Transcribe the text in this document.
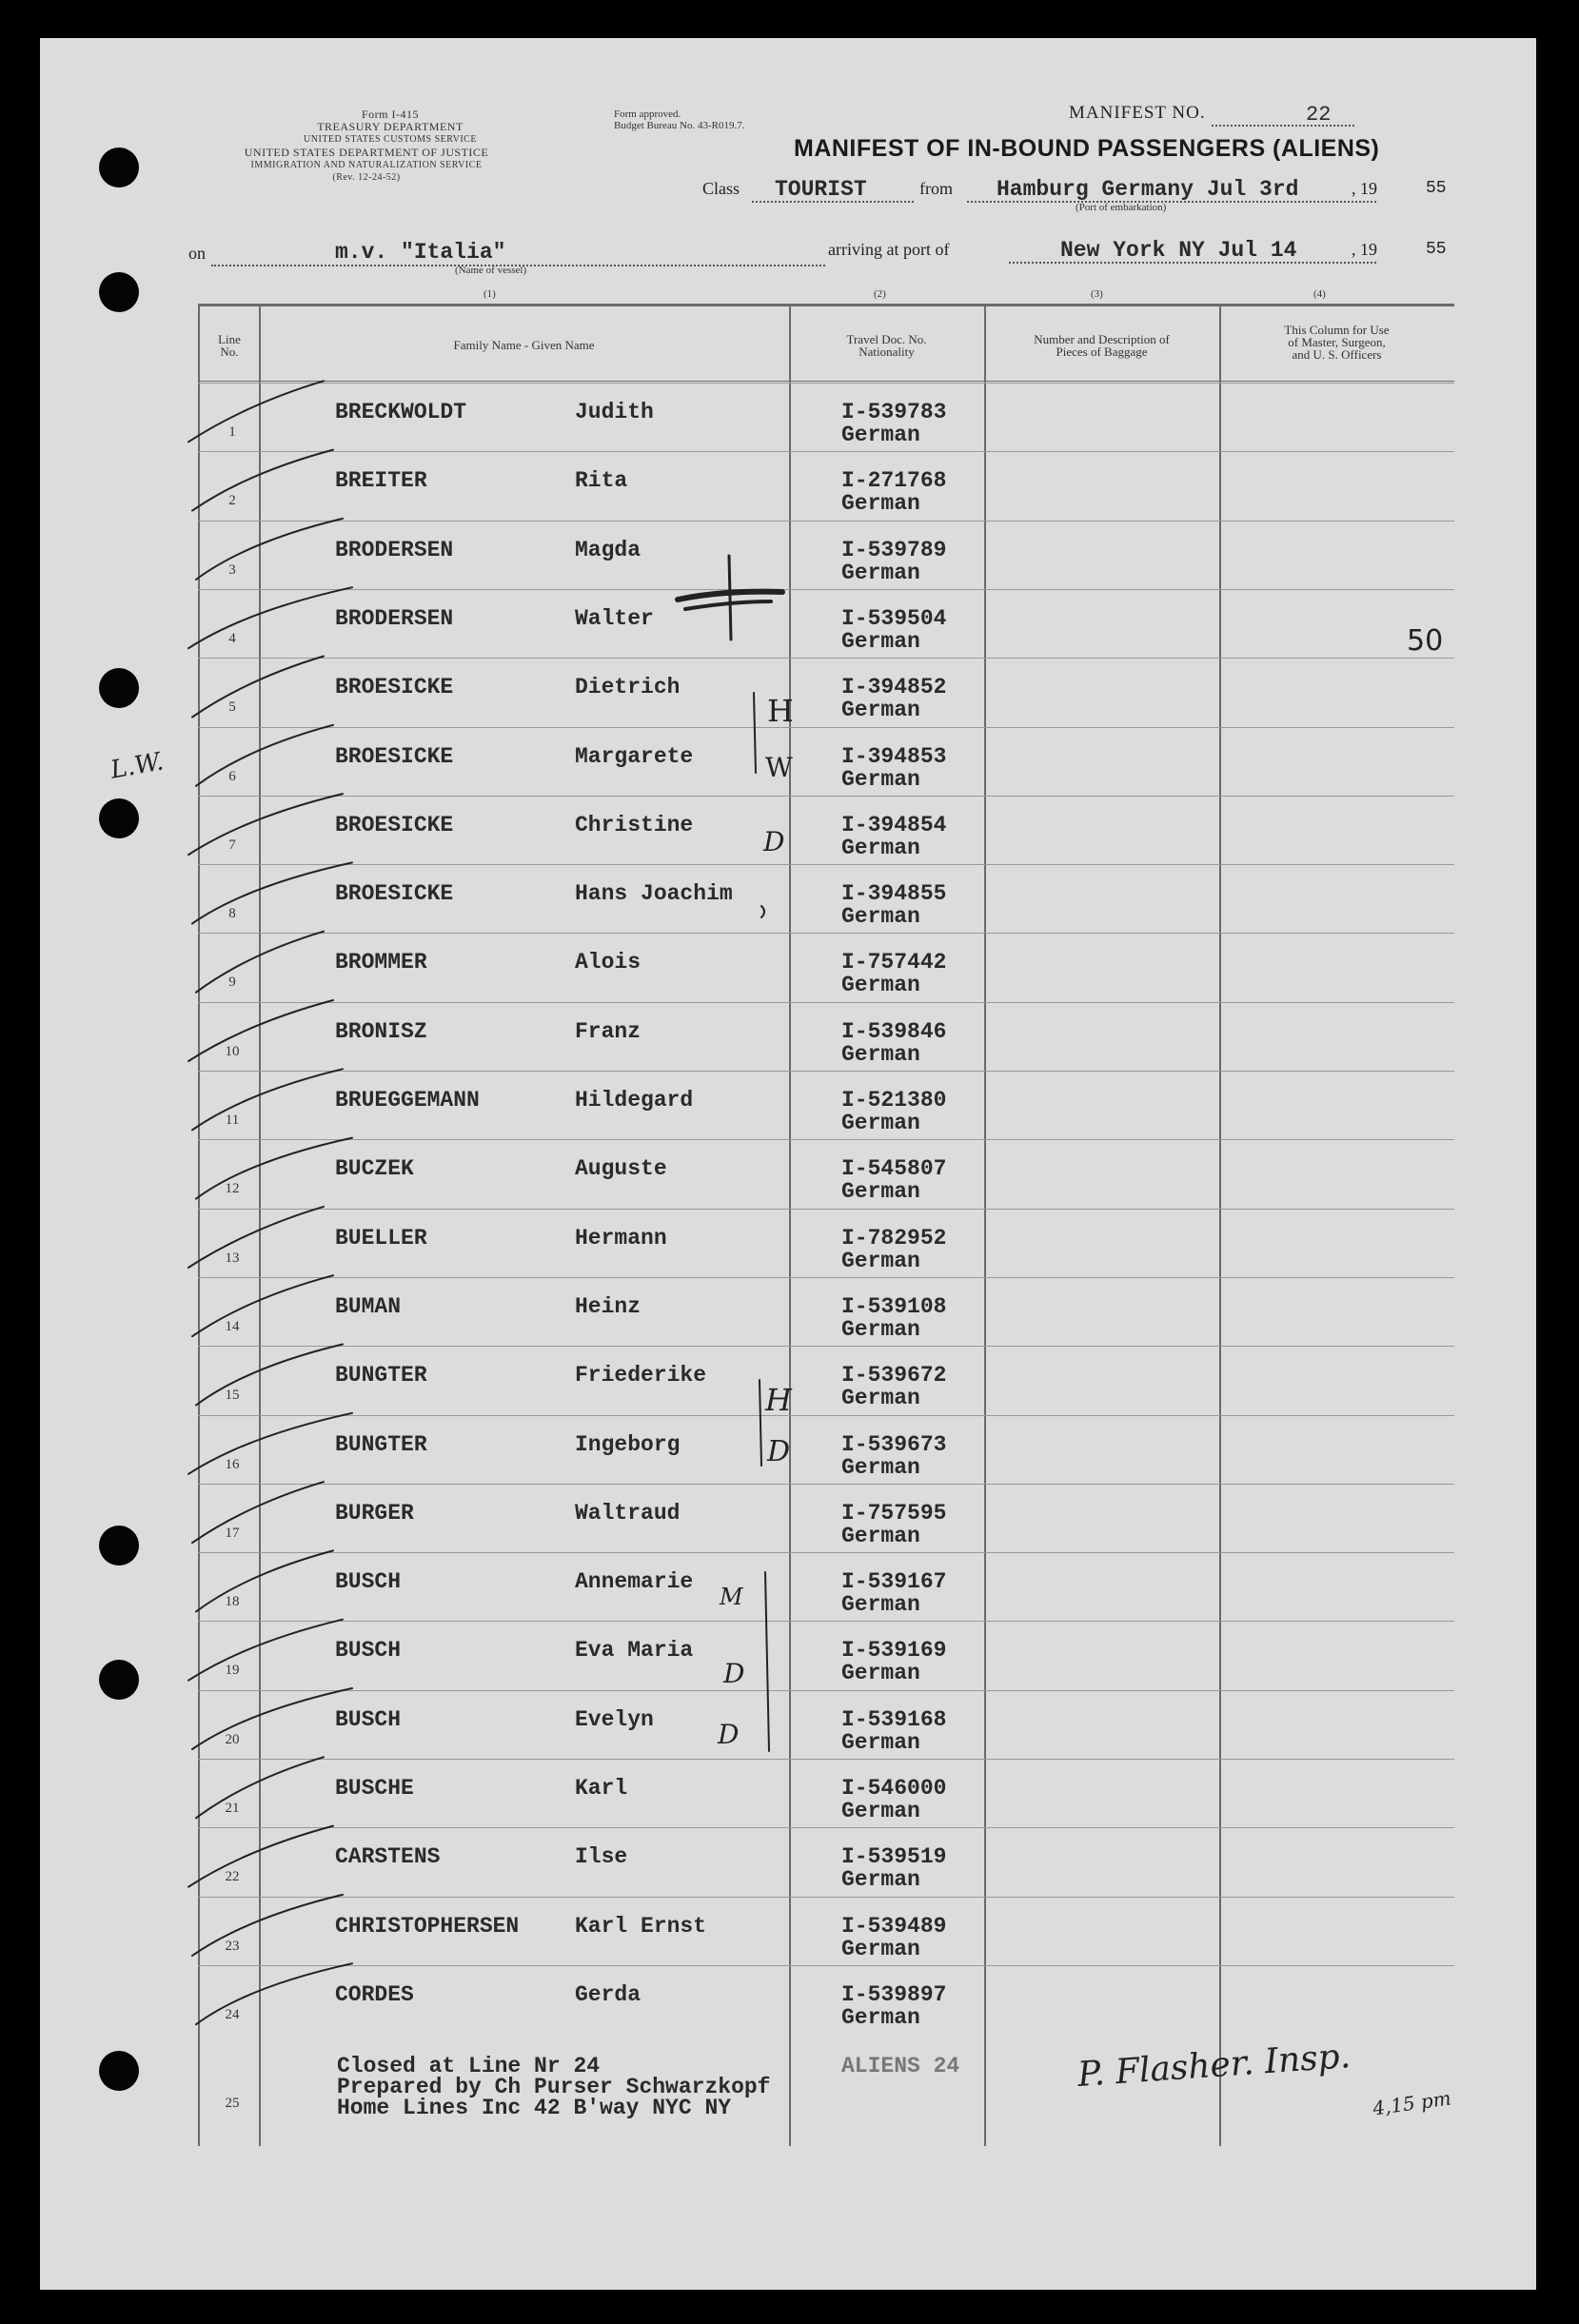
Form I-415
TREASURY DEPARTMENT
UNITED STATES CUSTOMS SERVICE
UNITED STATES DEPARTMENT OF JUSTICE
IMMIGRATION AND NATURALIZATION SERVICE
(Rev. 12-24-52)
Form approved.
Budget Bureau No. 43-R019.7.
MANIFEST NO.	22
MANIFEST OF IN-BOUND PASSENGERS (ALIENS)
Class TOURIST	from Hamburg Germany Jul 3rd	, 19	55
(Port of embarkation)
on	m.v. "Italia"
(Name of vessel)
arriving at port of	New York NY Jul 14	, 19	55
(1)	(2)	(3)	(4)
Line
No.	Family Name - Given Name	Travel Doc. No.
Nationality
Number and Description of
Pieces of Baggage
This Column for Use
of Master, Surgeon,
and U. S. Officers
1
BRECKWOLDT	Judith	I-539783
German
2
BREITER	Rita	I-271768
German
3
BRODERSEN	Magda	I-539789
German
4
BRODERSEN	Walter	I-539504
German
5
BROESICKE	Dietrich	I-394852
German
6
BROESICKE	Margarete	I-394853
German
7
BROESICKE	Christine	I-394854
German
8
BROESICKE	Hans Joachim	I-394855
German
9
BROMMER	Alois	I-757442
German
10
BRONISZ	Franz	I-539846
German
11
BRUEGGEMANN	Hildegard	I-521380
German
12
BUCZEK	Auguste	I-545807
German
13
BUELLER	Hermann	I-782952
German
14
BUMAN	Heinz	I-539108
German
15
BUNGTER	Friederike	I-539672
German
16
BUNGTER	Ingeborg	I-539673
German
17
BURGER	Waltraud	I-757595
German
18
BUSCH	Annemarie	I-539167
German
19
BUSCH	Eva Maria	I-539169
German
20
BUSCH	Evelyn	I-539168
German
21
BUSCHE	Karl	I-546000
German
22
CARSTENS	Ilse	I-539519
German
23
CHRISTOPHERSEN	Karl Ernst	I-539489
German
24
CORDES	Gerda	I-539897
German
25
Closed at Line Nr 24
Prepared by Ch Purser Schwarzkopf
Home Lines Inc 42 B'way NYC NY
ALIENS 24
50
P. Flasher. Insp.
4,15 pm
L.W.
H
W
D
H
D
M
D
D
